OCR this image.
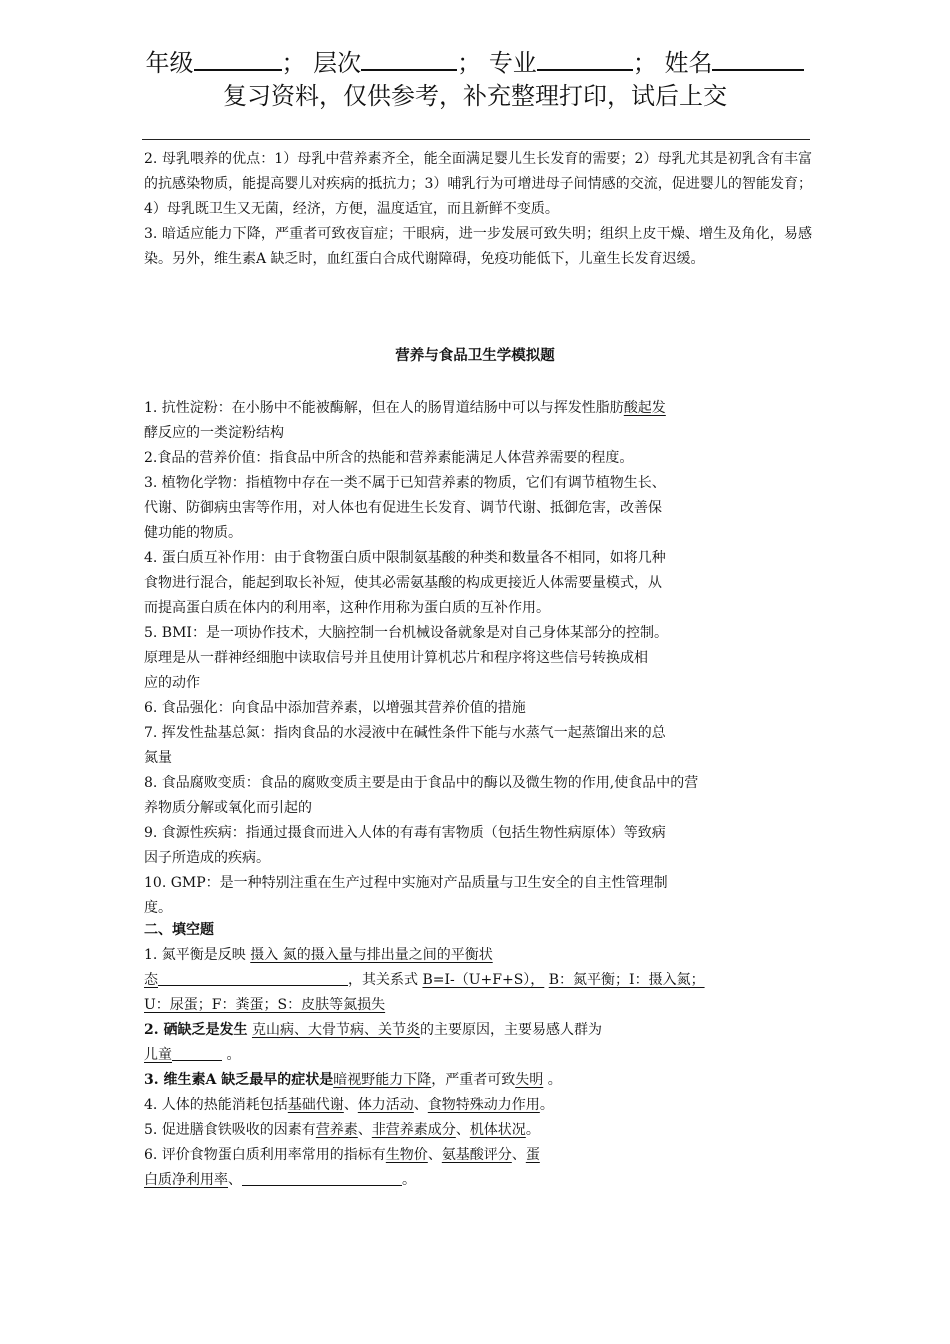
年级	； 层次	； 专业	； 姓名
复习资料，仅供参考，补充整理打印，试后上交

2. 母乳喂养的优点：1）母乳中营养素齐全，能全面满足婴儿生长发育的需要；2）母乳尤其是初乳含有丰富的抗感染物质，能提高婴儿对疾病的抵抗力；3）哺乳行为可增进母子间情感的交流，促进婴儿的智能发育；4）母乳既卫生又无菌，经济，方便，温度适宜，而且新鲜不变质。

3. 暗适应能力下降，严重者可致夜盲症；干眼病，进一步发展可致失明；组织上皮干燥、增生及角化，易感染。另外，维生素A 缺乏时，血红蛋白合成代谢障碍，免疫功能低下，儿童生长发育迟缓。

营养与食品卫生学模拟题

1. 抗性淀粉：在小肠中不能被酶解，但在人的肠胃道结肠中可以与挥发性脂肪酸起发

酵反应的一类淀粉结构

2.食品的营养价值：指食品中所含的热能和营养素能满足人体营养需要的程度。

3. 植物化学物：指植物中存在一类不属于已知营养素的物质，它们有调节植物生长、

代谢、防御病虫害等作用，对人体也有促进生长发育、调节代谢、抵御危害，改善保

健功能的物质。

4. 蛋白质互补作用：由于食物蛋白质中限制氨基酸的种类和数量各不相同，如将几种

食物进行混合，能起到取长补短，使其必需氨基酸的构成更接近人体需要量模式，从

而提高蛋白质在体内的利用率，这种作用称为蛋白质的互补作用。

5. BMI：是一项协作技术，大脑控制一台机械设备就象是对自己身体某部分的控制。

原理是从一群神经细胞中读取信号并且使用计算机芯片和程序将这些信号转换成相

应的动作

6. 食品强化：向食品中添加营养素，以增强其营养价值的措施

7. 挥发性盐基总氮：指肉食品的水浸液中在碱性条件下能与水蒸气一起蒸馏出来的总

氮量

8. 食品腐败变质：食品的腐败变质主要是由于食品中的酶以及微生物的作用,使食品中的营

养物质分解或氧化而引起的

9. 食源性疾病：指通过摄食而进入人体的有毒有害物质（包括生物性病原体）等致病

因子所造成的疾病。

10. GMP：是一种特别注重在生产过程中实施对产品质量与卫生安全的自主性管理制

度。

二、填空题

1. 氮平衡是反映 摄入 氮的摄入量与排出量之间的平衡状

态	，其关系式 B=I-（U+F+S）， B：氮平衡；I：摄入氮；

U：尿蛋；F：粪蛋；S：皮肤等氮损失

2. 硒缺乏是发生 克山病、大骨节病、关节炎的主要原因，主要易感人群为

儿童	。

3. 维生素A 缺乏最早的症状是暗视野能力下降，严重者可致失明 。

4. 人体的热能消耗包括基础代谢、体力活动、食物特殊动力作用。

5. 促进膳食铁吸收的因素有营养素、非营养素成分、机体状况。

6. 评价食物蛋白质利用率常用的指标有生物价、氨基酸评分、蛋

白质净利用率、	。
